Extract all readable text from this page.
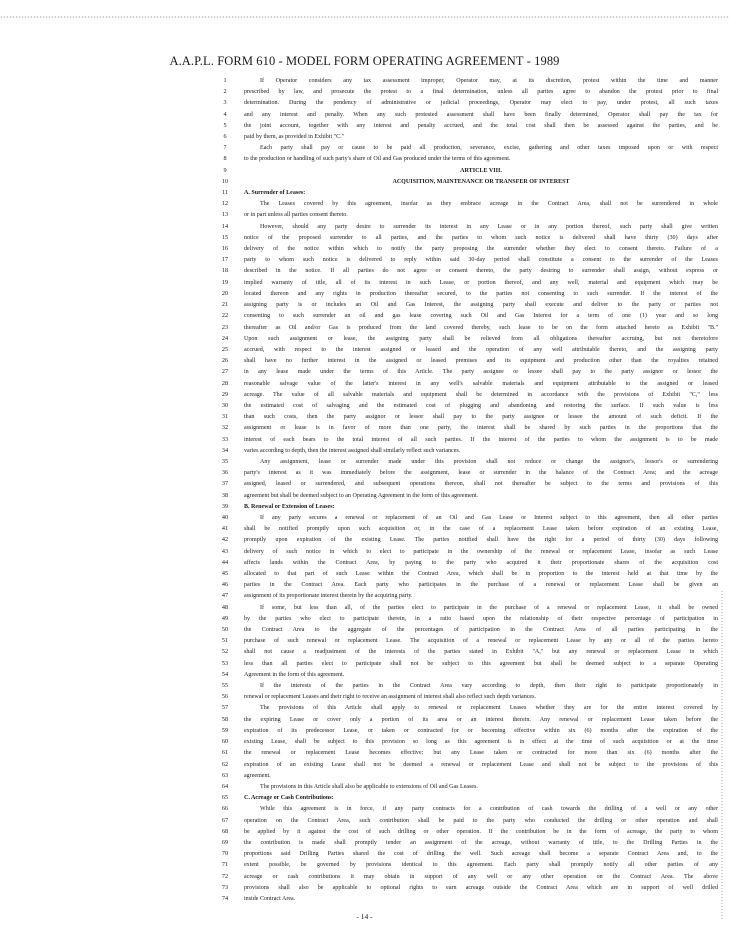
A.A.P.L. FORM 610 - MODEL FORM OPERATING AGREEMENT - 1989
1	If Operator considers any tax assessment improper, Operator may, at its discretion, protest within the time and manner
2	prescribed by law, and prosecute the protest to a final determination, unless all parties agree to abandon the protest prior to final
3	determination. During the pendency of administrative or judicial proceedings, Operator may elect to pay, under protest, all such taxes
4	and any interest and penalty. When any such protested assessment shall have been finally determined, Operator shall pay the tax for
5	the joint account, together with any interest and penalty accrued, and the total cost shall then be assessed against the parties, and be
6	paid by them, as provided in Exhibit "C."
7	Each party shall pay or cause to be paid all production, severance, excise, gathering and other taxes imposed upon or with respect
8	to the production or handling of such party's share of Oil and Gas produced under the terms of this agreement.
9	ARTICLE VIII.
10	ACQUISITION, MAINTENANCE OR TRANSFER OF INTEREST
11	A. Surrender of Leases:
12	The Leases covered by this agreement, insofar as they embrace acreage in the Contract Area, shall not be surrendered in whole
13	or in part unless all parties consent thereto.
14	However, should any party desire to surrender its interest in any Lease or in any portion thereof, such party shall give written
15	notice of the proposed surrender to all parties, and the parties to whom such notice is delivered shall have thirty (30) days after
16	delivery of the notice within which to notify the party proposing the surrender whether they elect to consent thereto. Failure of a
17	party to whom such notice is delivered to reply within said 30-day period shall constitute a consent to the surrender of the Leases
18	described in the notice. If all parties do not agree or consent thereto, the party desiring to surrender shall assign, without express or
19	implied warranty of title, all of its interest in such Lease, or portion thereof, and any well, material and equipment which may be
20	located thereon and any rights in production thereafter secured, to the parties not consenting to such surrender. If the interest of the
21	assigning party is or includes an Oil and Gas Interest, the assigning party shall execute and deliver to the party or parties not
22	consenting to such surrender an oil and gas lease covering such Oil and Gas Interest for a term of one (1) year and so long
23	thereafter as Oil and/or Gas is produced from the land covered thereby, such lease to be on the form attached hereto as Exhibit "B."
24	Upon such assignment or lease, the assigning party shall be relieved from all obligations thereafter accruing, but not theretofore
25	accrued, with respect to the interest assigned or leased and the operation of any well attributable thereto, and the assigning party
26	shall have no further interest in the assigned or leased premises and its equipment and production other than the royalties retained
27	in any lease made under the terms of this Article. The party assignee or lessee shall pay to the party assignor or lessor the
28	reasonable salvage value of the latter's interest in any well's salvable materials and equipment attributable to the assigned or leased
29	acreage. The value of all salvable materials and equipment shall be determined in accordance with the provisions of Exhibit "C," less
30	the estimated cost of salvaging and the estimated cost of plugging and abandoning and restoring the surface. If such value is less
31	than such costs, then the party assignor or lessor shall pay to the party assignee or lessee the amount of such deficit. If the
32	assignment or lease is in favor of more than one party, the interest shall be shared by such parties in the proportions that the
33	interest of each bears to the total interest of all such parties. If the interest of the parties to whom the assignment is to be made
34	varies according to depth, then the interest assigned shall similarly reflect such variances.
35	Any assignment, lease or surrender made under this provision shall not reduce or change the assignor's, lessor's or surrendering
36	party's interest as it was immediately before the assignment, lease or surrender in the balance of the Contract Area; and the acreage
37	assigned, leased or surrendered, and subsequent operations thereon, shall not thereafter be subject to the terms and provisions of this
38	agreement but shall be deemed subject to an Operating Agreement in the form of this agreement.
39	B. Renewal or Extension of Leases:
40	If any party secures a renewal or replacement of an Oil and Gas Lease or Interest subject to this agreement, then all other parties
41	shall be notified promptly upon such acquisition or, in the case of a replacement Lease taken before expiration of an existing Lease,
42	promptly upon expiration of the existing Lease. The parties notified shall have the right for a period of thirty (30) days following
43	delivery of such notice in which to elect to participate in the ownership of the renewal or replacement Lease, insofar as such Lease
44	affects lands within the Contract Area, by paying to the party who acquired it their proportionate shares of the acquisition cost
45	allocated to that part of such Lease within the Contract Area, which shall be in proportion to the interest held at that time by the
46	parties in the Contract Area. Each party who participates in the purchase of a renewal or replacement Lease shall be given an
47	assignment of its proportionate interest therein by the acquiring party.
48	If some, but less than all, of the parties elect to participate in the purchase of a renewal or replacement Lease, it shall be owned
49	by the parties who elect to participate therein, in a ratio based upon the relationship of their respective percentage of participation in
50	the Contract Area to the aggregate of the percentages of participation in the Contract Area of all parties participating in the
51	purchase of such renewal or replacement Lease. The acquisition of a renewal or replacement Lease by any or all of the parties hereto
52	shall not cause a readjustment of the interests of the parties stated in Exhibit "A," but any renewal or replacement Lease in which
53	less than all parties elect to participate shall not be subject to this agreement but shall be deemed subject to a separate Operating
54	Agreement in the form of this agreement.
55	If the interests of the parties in the Contract Area vary according to depth, then their right to participate proportionately in
56	renewal or replacement Leases and their right to receive an assignment of interest shall also reflect such depth variances.
57	The provisions of this Article shall apply to renewal or replacement Leases whether they are for the entire interest covered by
58	the expiring Lease or cover only a portion of its area or an interest therein. Any renewal or replacement Lease taken before the
59	expiration of its predecessor Lease, or taken or contracted for or becoming effective within six (6) months after the expiration of the
60	existing Lease, shall be subject to this provision so long as this agreement is in effect at the time of such acquisition or at the time
61	the renewal or replacement Lease becomes effective; but any Lease taken or contracted for more than six (6) months after the
62	expiration of an existing Lease shall not be deemed a renewal or replacement Lease and shall not be subject to the provisions of this
63	agreement.
64	The provisions in this Article shall also be applicable to extensions of Oil and Gas Leases.
65	C. Acreage or Cash Contributions:
66	While this agreement is in force, if any party contracts for a contribution of cash towards the drilling of a well or any other
67	operation on the Contract Area, such contribution shall be paid to the party who conducted the drilling or other operation and shall
68	be applied by it against the cost of such drilling or other operation. If the contribution be in the form of acreage, the party to whom
69	the contribution is made shall promptly tender an assignment of the acreage, without warranty of title, to the Drilling Parties in the
70	proportions said Drilling Parties shared the cost of drilling the well. Such acreage shall become a separate Contract Area and, to the
71	extent possible, be governed by provisions identical to this agreement. Each party shall promptly notify all other parties of any
72	acreage or cash contributions it may obtain in support of any well or any other operation on the Contract Area. The above
73	provisions shall also be applicable to optional rights to earn acreage outside the Contract Area which are in support of well drilled
74	inside Contract Area.
- 14 -
